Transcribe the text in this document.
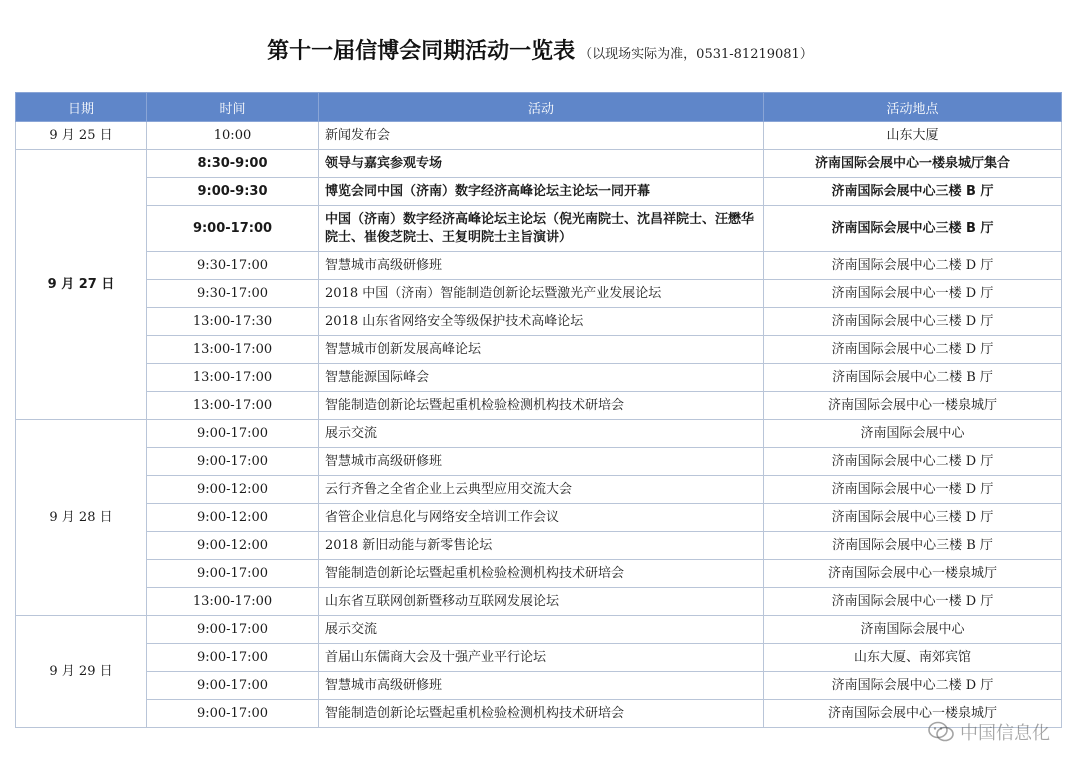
第十一届信博会同期活动一览表 （以现场实际为准，0531-81219081）
日期	时间	活动	活动地点
9 月 25 日	10:00	新闻发布会	山东大厦
9 月 27 日	8:30-9:00	领导与嘉宾参观专场	济南国际会展中心一楼泉城厅集合
	9:00-9:30	博览会同中国（济南）数字经济高峰论坛主论坛一同开幕	济南国际会展中心三楼 B 厅
	9:00-17:00	中国（济南）数字经济高峰论坛主论坛（倪光南院士、沈昌祥院士、汪懋华院士、崔俊芝院士、王复明院士主旨演讲）	济南国际会展中心三楼 B 厅
	9:30-17:00	智慧城市高级研修班	济南国际会展中心二楼 D 厅
	9:30-17:00	2018 中国（济南）智能制造创新论坛暨激光产业发展论坛	济南国际会展中心一楼 D 厅
	13:00-17:30	2018 山东省网络安全等级保护技术高峰论坛	济南国际会展中心三楼 D 厅
	13:00-17:00	智慧城市创新发展高峰论坛	济南国际会展中心二楼 D 厅
	13:00-17:00	智慧能源国际峰会	济南国际会展中心二楼 B 厅
	13:00-17:00	智能制造创新论坛暨起重机检验检测机构技术研培会	济南国际会展中心一楼泉城厅
9 月 28 日	9:00-17:00	展示交流	济南国际会展中心
	9:00-17:00	智慧城市高级研修班	济南国际会展中心二楼 D 厅
	9:00-12:00	云行齐鲁之全省企业上云典型应用交流大会	济南国际会展中心一楼 D 厅
	9:00-12:00	省管企业信息化与网络安全培训工作会议	济南国际会展中心三楼 D 厅
	9:00-12:00	2018 新旧动能与新零售论坛	济南国际会展中心三楼 B 厅
	9:00-17:00	智能制造创新论坛暨起重机检验检测机构技术研培会	济南国际会展中心一楼泉城厅
	13:00-17:00	山东省互联网创新暨移动互联网发展论坛	济南国际会展中心一楼 D 厅
9 月 29 日	9:00-17:00	展示交流	济南国际会展中心
	9:00-17:00	首届山东儒商大会及十强产业平行论坛	山东大厦、南郊宾馆
	9:00-17:00	智慧城市高级研修班	济南国际会展中心二楼 D 厅
	9:00-17:00	智能制造创新论坛暨起重机检验检测机构技术研培会	济南国际会展中心一楼泉城厅
中国信息化
